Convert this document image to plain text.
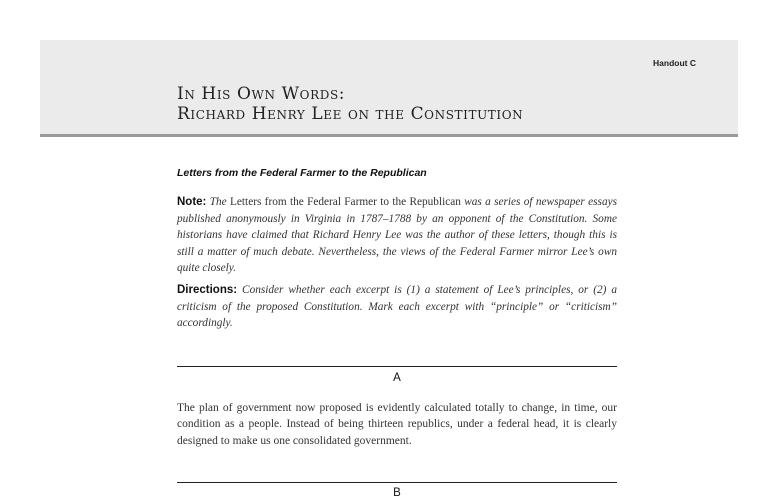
Handout C
In His Own Words:
Richard Henry Lee on the Constitution
Letters from the Federal Farmer to the Republican
Note: The Letters from the Federal Farmer to the Republican was a series of newspaper essays published anonymously in Virginia in 1787–1788 by an opponent of the Constitution. Some historians have claimed that Richard Henry Lee was the author of these letters, though this is still a matter of much debate. Nevertheless, the views of the Federal Farmer mirror Lee’s own quite closely.
Directions: Consider whether each excerpt is (1) a statement of Lee’s principles, or (2) a criticism of the proposed Constitution. Mark each excerpt with “principle” or “criticism” accordingly.
A
The plan of government now proposed is evidently calculated totally to change, in time, our condition as a people. Instead of being thirteen republics, under a federal head, it is clearly designed to make us one consolidated government.
B
